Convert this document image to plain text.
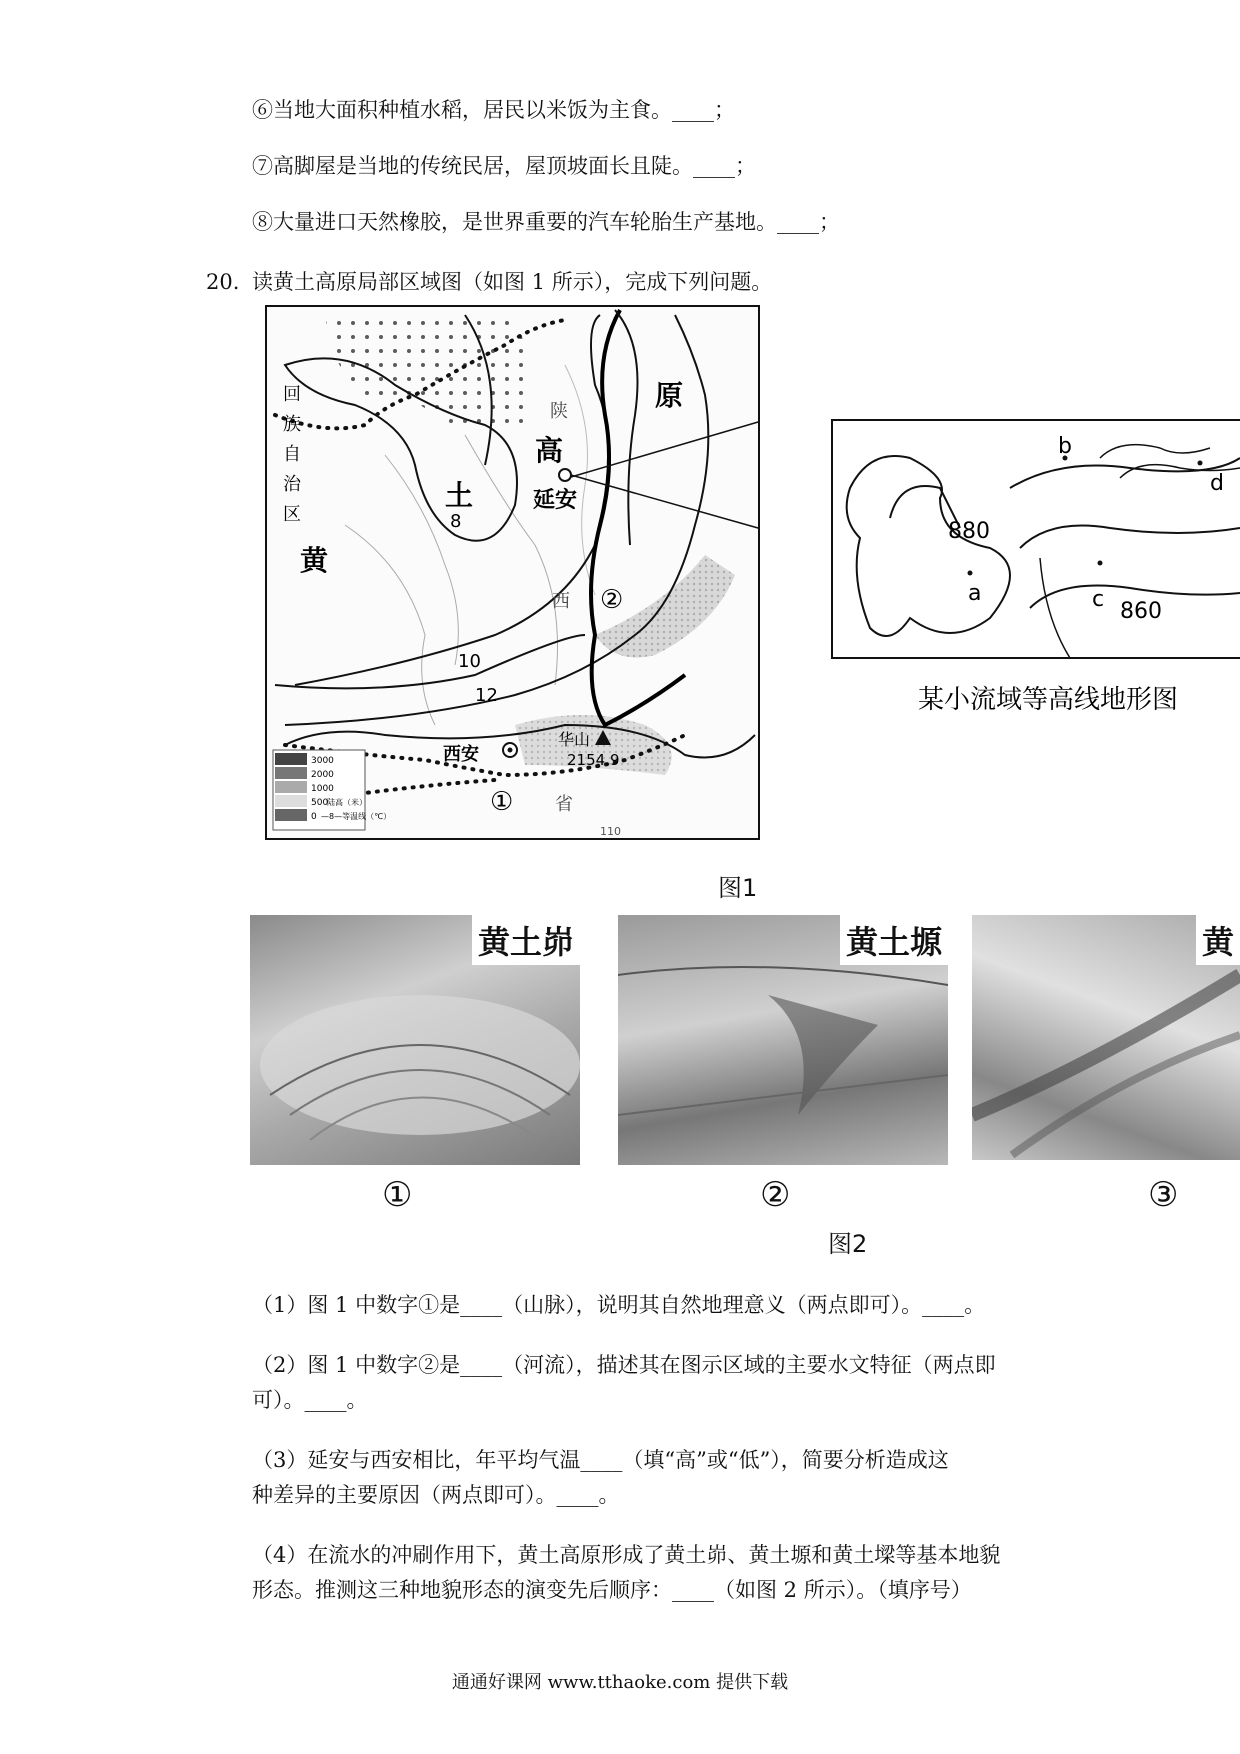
⑥当地大面积种植水稻，居民以米饭为主食。____；
⑦高脚屋是当地的传统民居，屋顶坡面长且陡。____；
⑧大量进口天然橡胶，是世界重要的汽车轮胎生产基地。____；
20. 读黄土高原局部区域图（如图 1 所示），完成下列问题。
3000
2000
1000
500
0
陆高（米）
—8—等温线（℃）
回
族
自
治
区
黄
土
高
原
陕
西
省
延安
西安
华山
2154.9
①
②
8
10
12
110
880
860
a
b
c
d
某小流域等高线地形图
图1
黄土峁	黄土塬	黄
①	②	③
图2
（1）图 1 中数字①是____（山脉），说明其自然地理意义（两点即可）。____。
（2）图 1 中数字②是____（河流），描述其在图示区域的主要水文特征（两点即
可）。____。
（3）延安与西安相比，年平均气温____（填“高”或“低”），简要分析造成这
种差异的主要原因（两点即可）。____。
（4）在流水的冲刷作用下，黄土高原形成了黄土峁、黄土塬和黄土墚等基本地貌
形态。推测这三种地貌形态的演变先后顺序：____（如图 2 所示）。（填序号）
通通好课网 www.tthaoke.com 提供下载
